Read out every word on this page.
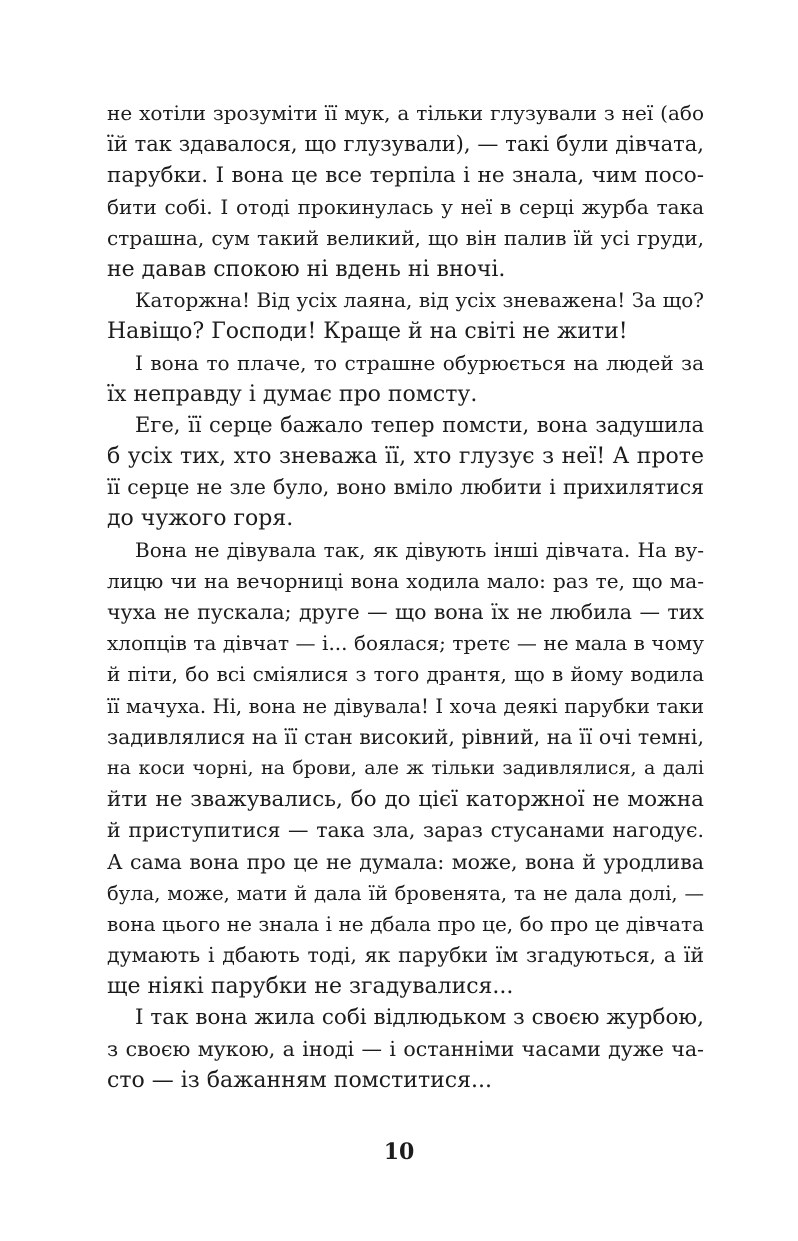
не хотіли зрозуміти її мук, а тільки глузували з неї (або
їй так здавалося, що глузували), — такі були дівчата,
парубки. І вона це все терпіла і не знала, чим посо-
бити собі. І отоді прокинулась у неї в серці журба така
страшна, сум такий великий, що він палив їй усі груди,
не давав спокою ні вдень ні вночі.
Каторжна! Від усіх лаяна, від усіх зневажена! За що?
Навіщо? Господи! Краще й на світі не жити!
І вона то плаче, то страшне обурюється на людей за
їх неправду і думає про помсту.
Еге, її серце бажало тепер помсти, вона задушила
б усіх тих, хто зневажа її, хто глузує з неї! А проте
її серце не зле було, воно вміло любити і прихилятися
до чужого горя.
Вона не дівувала так, як дівують інші дівчата. На ву-
лицю чи на вечорниці вона ходила мало: раз те, що ма-
чуха не пускала; друге — що вона їх не любила — тих
хлопців та дівчат — і... боялася; третє — не мала в чому
й піти, бо всі сміялися з того дрантя, що в йому водила
її мачуха. Ні, вона не дівувала! І хоча деякі парубки таки
задивлялися на її стан високий, рівний, на її очі темні,
на коси чорні, на брови, але ж тільки задивлялися, а далі
йти не зважувались, бо до цієї каторжної не можна
й приступитися — така зла, зараз стусанами нагодує.
А сама вона про це не думала: може, вона й уродлива
була, може, мати й дала їй бровенята, та не дала долі, —
вона цього не знала і не дбала про це, бо про це дівчата
думають і дбають тоді, як парубки їм згадуються, а їй
ще ніякі парубки не згадувалися...
І так вона жила собі відлюдьком з своєю журбою,
з своєю мукою, а іноді — і останніми часами дуже ча-
сто — із бажанням помститися...
10
